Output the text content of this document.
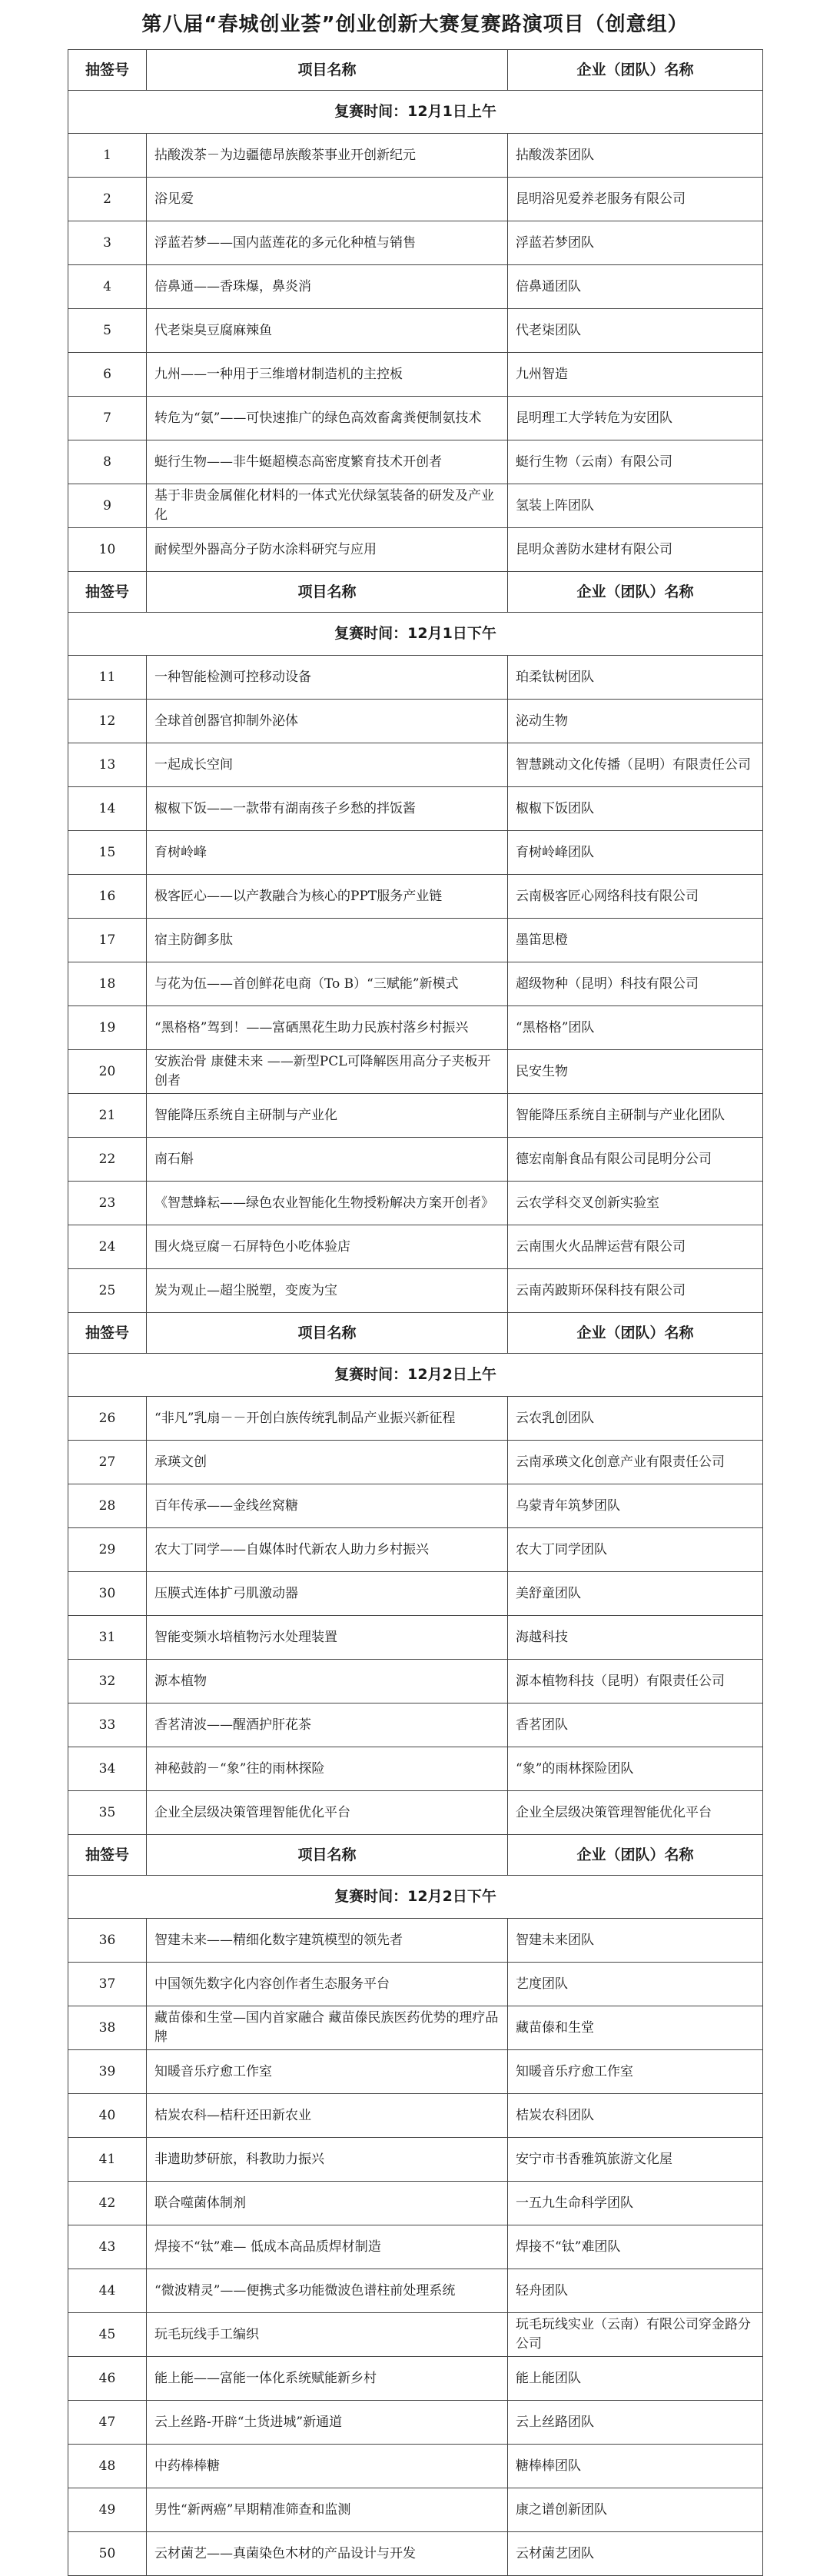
第八届“春城创业荟”创业创新大赛复赛路演项目（创意组）
抽签号	项目名称	企业（团队）名称
复赛时间：12月1日上午		
1	拈酸泼茶－为边疆德昂族酸茶事业开创新纪元	拈酸泼茶团队
2	浴见爱	昆明浴见爱养老服务有限公司
3	浮蓝若梦——国内蓝莲花的多元化种植与销售	浮蓝若梦团队
4	倍鼻通——香珠爆，鼻炎消	倍鼻通团队
5	代老柒臭豆腐麻辣鱼	代老柒团队
6	九州——一种用于三维增材制造机的主控板	九州智造
7	转危为“氨”——可快速推广的绿色高效畜禽粪便制氨技术	昆明理工大学转危为安团队
8	蜓行生物——非牛蜓超模态高密度繁育技术开创者	蜓行生物（云南）有限公司
9	基于非贵金属催化材料的一体式光伏绿氢装备的研发及产业化	氢装上阵团队
10	耐候型外器高分子防水涂料研究与应用	昆明众善防水建材有限公司
抽签号	项目名称	企业（团队）名称
复赛时间：12月1日下午		
11	一种智能检测可控移动设备	珀柔钛树团队
12	全球首创器官抑制外泌体	泌动生物
13	一起成长空间	智慧跳动文化传播（昆明）有限责任公司
14	椒椒下饭——一款带有湖南孩子乡愁的拌饭酱	椒椒下饭团队
15	育树岭峰	育树岭峰团队
16	极客匠心——以产教融合为核心的PPT服务产业链	云南极客匠心网络科技有限公司
17	宿主防御多肽	墨笛思橙
18	与花为伍——首创鲜花电商（To B）“三赋能”新模式	超级物种（昆明）科技有限公司
19	“黑格格”驾到！——富硒黑花生助力民族村落乡村振兴	“黑格格”团队
20	安族治骨 康健未来 ——新型PCL可降解医用高分子夹板开创者	民安生物
21	智能降压系统自主研制与产业化	智能降压系统自主研制与产业化团队
22	南石斛	德宏南斛食品有限公司昆明分公司
23	《智慧蜂耘——绿色农业智能化生物授粉解决方案开创者》	云农学科交叉创新实验室
24	围火烧豆腐－石屏特色小吃体验店	云南围火火品牌运营有限公司
25	炭为观止—超尘脱塑，变废为宝	云南芮跛斯环保科技有限公司
抽签号	项目名称	企业（团队）名称
复赛时间：12月2日上午		
26	“非凡”乳扇－－开创白族传统乳制品产业振兴新征程	云农乳创团队
27	承瑛文创	云南承瑛文化创意产业有限责任公司
28	百年传承——金线丝窝糖	乌蒙青年筑梦团队
29	农大丁同学——自媒体时代新农人助力乡村振兴	农大丁同学团队
30	压膜式连体扩弓肌激动器	美舒童团队
31	智能变频水培植物污水处理装置	海越科技
32	源本植物	源本植物科技（昆明）有限责任公司
33	香茗清波——醒酒护肝花茶	香茗团队
34	神秘鼓韵－“象”往的雨林探险	“象”的雨林探险团队
35	企业全层级决策管理智能优化平台	企业全层级决策管理智能优化平台
抽签号	项目名称	企业（团队）名称
复赛时间：12月2日下午		
36	智建未来——精细化数字建筑模型的领先者	智建未来团队
37	中国领先数字化内容创作者生态服务平台	艺度团队
38	藏苗傣和生堂—国内首家融合 藏苗傣民族医药优势的理疗品牌	藏苗傣和生堂
39	知暖音乐疗愈工作室	知暖音乐疗愈工作室
40	桔炭农科—桔秆还田新农业	桔炭农科团队
41	非遗助梦研旅，科教助力振兴	安宁市书香雅筑旅游文化屋
42	联合噬菌体制剂	一五九生命科学团队
43	焊接不“钛”难— 低成本高品质焊材制造	焊接不“钛”难团队
44	“微波精灵”——便携式多功能微波色谱柱前处理系统	轻舟团队
45	玩毛玩线手工编织	玩毛玩线实业（云南）有限公司穿金路分公司
46	能上能——富能一体化系统赋能新乡村	能上能团队
47	云上丝路-开辟“土货进城”新通道	云上丝路团队
48	中药棒棒糖	糖棒棒团队
49	男性“新两癌”早期精准筛查和监测	康之谱创新团队
50	云材菌艺——真菌染色木材的产品设计与开发	云材菌艺团队
